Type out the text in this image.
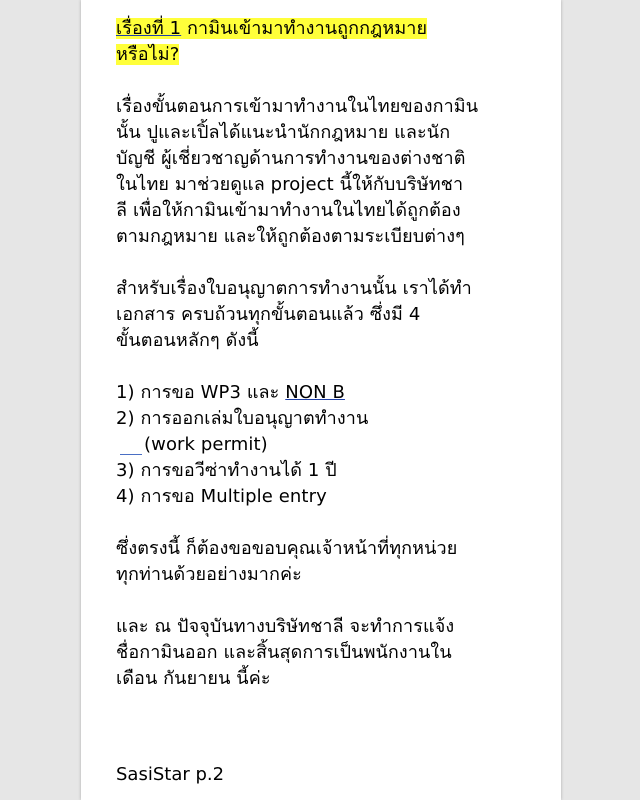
เรื่องที่ 1 กามินเข้ามาทำงานถูกกฎหมาย
หรือไม่?
เรื่องขั้นตอนการเข้ามาทำงานในไทยของกามิน
นั้น ปูและเปิ้ลได้แนะนำนักกฎหมาย และนัก
บัญชี ผู้เชี่ยวชาญด้านการทำงานของต่างชาติ
ในไทย มาช่วยดูแล project นี้ให้กับบริษัทชา
ลี เพื่อให้กามินเข้ามาทำงานในไทยได้ถูกต้อง
ตามกฎหมาย และให้ถูกต้องตามระเบียบต่างๆ
สำหรับเรื่องใบอนุญาตการทำงานนั้น เราได้ทำ
เอกสาร ครบถ้วนทุกขั้นตอนแล้ว ซึ่งมี 4
ขั้นตอนหลักๆ ดังนี้
1) การขอ WP3 และ NON B
2) การออกเล่มใบอนุญาตทำงาน
(work permit)
3) การขอวีซ่าทำงานได้ 1 ปี
4) การขอ Multiple entry
ซึ่งตรงนี้ ก็ต้องขอขอบคุณเจ้าหน้าที่ทุกหน่วย
ทุกท่านด้วยอย่างมากค่ะ
และ ณ ปัจจุบันทางบริษัทชาลี จะทำการแจ้ง
ชื่อกามินออก และสิ้นสุดการเป็นพนักงานใน
เดือน กันยายน นี้ค่ะ
SasiStar p.2
